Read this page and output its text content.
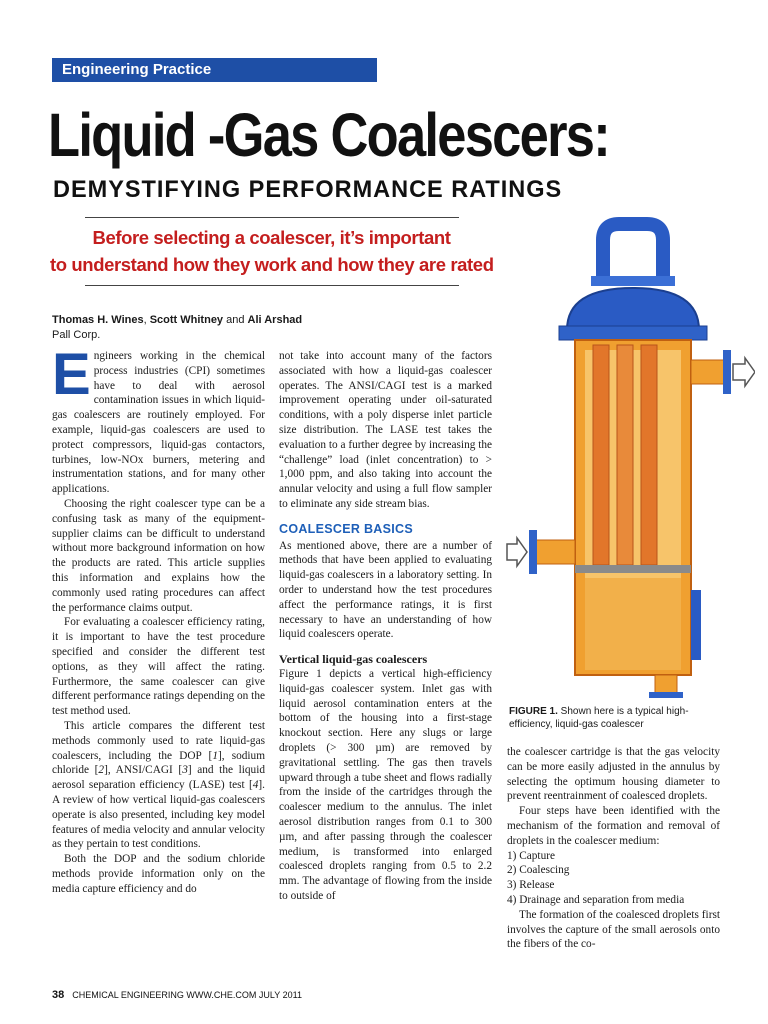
Engineering Practice
Liquid -Gas Coalescers:
DEMYSTIFYING PERFORMANCE RATINGS
Before selecting a coalescer, it’s important
to understand how they work and how they are rated
Thomas H. Wines, Scott Whitney and Ali Arshad
Pall Corp.

Engineers working in the chemical process industries (CPI) sometimes have to deal with aerosol contamination issues in which liquid-gas coalescers are routinely employed. For example, liquid-gas coalescers are used to protect compressors, liquid-gas contactors, turbines, low-NOx burners, metering and instrumentation stations, and for many other applications.

Choosing the right coalescer type can be a confusing task as many of the equipment-supplier claims can be difficult to understand without more background information on how the products are rated. This article supplies this information and explains how the commonly used rating procedures can affect the performance claims output.

For evaluating a coalescer efficiency rating, it is important to have the test procedure specified and consider the different test options, as they will affect the rating. Furthermore, the same coalescer can give different performance ratings depending on the test method used.

This article compares the different test methods commonly used to rate liquid-gas coalescers, including the DOP [1], sodium chloride [2], ANSI/CAGI [3] and the liquid aerosol separation efficiency (LASE) test [4]. A review of how vertical liquid-gas coalescers operate is also presented, including key model features of media velocity and annular velocity as they pertain to test conditions.

Both the DOP and the sodium chloride methods provide information only on the media capture efficiency and do

not take into account many of the factors associated with how a liquid-gas coalescer operates. The ANSI/CAGI test is a marked improvement operating under oil-saturated conditions, with a poly disperse inlet particle size distribution. The LASE test takes the evaluation to a further degree by increasing the “challenge” load (inlet concentration) to > 1,000 ppm, and also taking into account the annular velocity and using a full flow sampler to eliminate any side stream bias.

COALESCER BASICS

As mentioned above, there are a number of methods that have been applied to evaluating liquid-gas coalescers in a laboratory setting. In order to understand how the test procedures affect the performance ratings, it is first necessary to have an understanding of how liquid coalescers operate.

Vertical liquid-gas coalescers

Figure 1 depicts a vertical high-efficiency liquid-gas coalescer system. Inlet gas with liquid aerosol contamination enters at the bottom of the housing into a first-stage knockout section. Here any slugs or large droplets (> 300 µm) are removed by gravitational settling. The gas then travels upward through a tube sheet and flows radially from the inside of the cartridges through the coalescer medium to the annulus. The inlet aerosol distribution ranges from 0.1 to 300 µm, and after passing through the coalescer medium, is transformed into enlarged coalesced droplets ranging from 0.5 to 2.2 mm. The advantage of flowing from the inside to outside of

FIGURE 1. Shown here is a typical high-efficiency, liquid-gas coalescer

the coalescer cartridge is that the gas velocity can be more easily adjusted in the annulus by selecting the optimum housing diameter to prevent reentrainment of coalesced droplets.

Four steps have been identified with the mechanism of the formation and removal of droplets in the coalescer medium:

1) Capture

2) Coalescing

3) Release

4) Drainage and separation from media

The formation of the coalesced droplets first involves the capture of the small aerosols onto the fibers of the co-

38 CHEMICAL ENGINEERING WWW.CHE.COM JULY 2011
